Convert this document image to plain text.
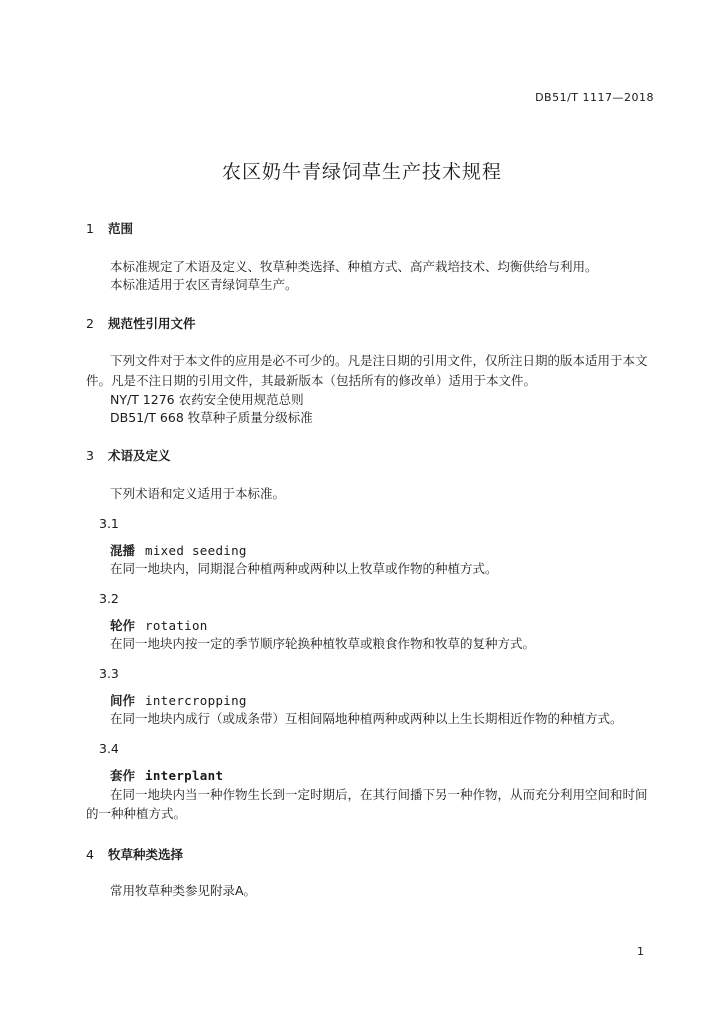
DB51/T 1117—2018
农区奶牛青绿饲草生产技术规程
1 范围
本标准规定了术语及定义、牧草种类选择、种植方式、高产栽培技术、均衡供给与利用。
本标准适用于农区青绿饲草生产。
2 规范性引用文件
下列文件对于本文件的应用是必不可少的。凡是注日期的引用文件，仅所注日期的版本适用于本文
件。凡是不注日期的引用文件，其最新版本（包括所有的修改单）适用于本文件。
NY/T 1276 农药安全使用规范总则
DB51/T 668 牧草种子质量分级标准
3 术语及定义
下列术语和定义适用于本标准。
3.1
混播 mixed seeding
在同一地块内，同期混合种植两种或两种以上牧草或作物的种植方式。
3.2
轮作 rotation
在同一地块内按一定的季节顺序轮换种植牧草或粮食作物和牧草的复种方式。
3.3
间作 intercropping
在同一地块内成行（或成条带）互相间隔地种植两种或两种以上生长期相近作物的种植方式。
3.4
套作 interplant
在同一地块内当一种作物生长到一定时期后，在其行间播下另一种作物，从而充分利用空间和时间
的一种种植方式。
4 牧草种类选择
常用牧草种类参见附录A。
1
